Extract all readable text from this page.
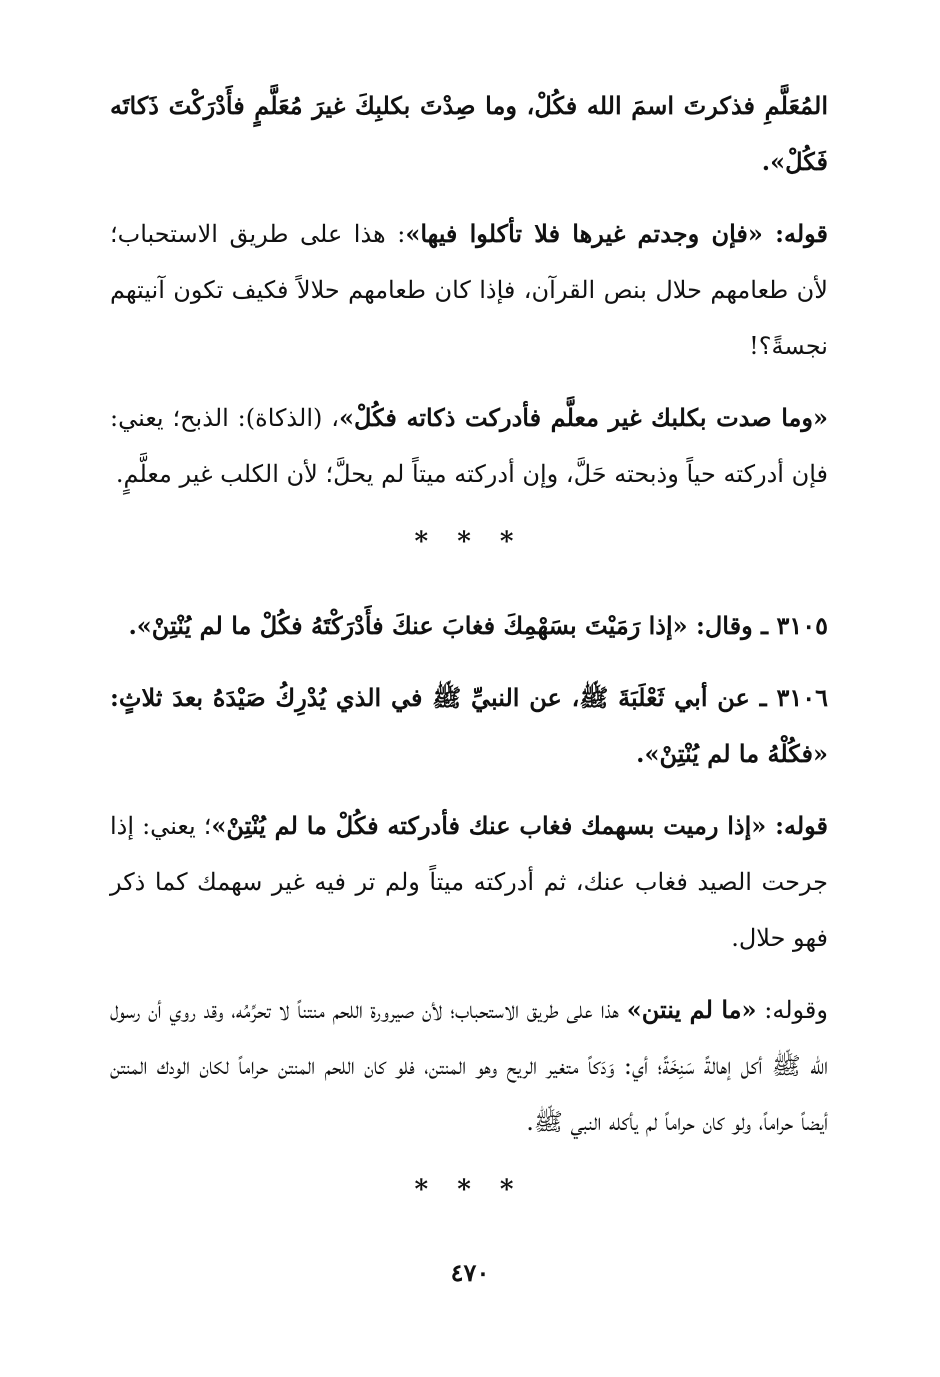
المُعَلَّمِ فذكرتَ اسمَ الله فكُلْ، وما صِدْتَ بكلبِكَ غيرَ مُعَلَّمٍ فأَدْرَكْتَ ذَكاتَه فَكُلْ».

قوله: «فإن وجدتم غيرها فلا تأكلوا فيها»: هذا على طريق الاستحباب؛ لأن طعامهم حلال بنص القرآن، فإذا كان طعامهم حلالاً فكيف تكون آنيتهم نجسةً؟!

«وما صدت بكلبك غير معلَّم فأدركت ذكاته فكُلْ»، (الذكاة): الذبح؛ يعني: فإن أدركته حياً وذبحته حَلَّ، وإن أدركته ميتاً لم يحلَّ؛ لأن الكلب غير معلَّمٍ.

* * *

٣١٠٥ ـ وقال: «إذا رَمَيْتَ بسَهْمِكَ فغابَ عنكَ فأَدْرَكْتَهُ فكُلْ ما لم يُنْتِنْ».

٣١٠٦ ـ عن أبي ثَعْلَبَةَ ﷺ، عن النبيِّ ﷺ في الذي يُدْرِكُ صَيْدَهُ بعدَ ثلاثٍ: «فكُلْهُ ما لم يُنْتِنْ».

قوله: «إذا رميت بسهمك فغاب عنك فأدركته فكُلْ ما لم يُنْتِنْ»؛ يعني: إذا جرحت الصيد فغاب عنك، ثم أدركته ميتاً ولم تر فيه غير سهمك كما ذكر فهو حلال.

وقوله: «ما لم ينتن» هذا على طريق الاستحباب؛ لأن صيرورة اللحم منتناً لا تحرِّمُه، وقد روي أن رسول الله ﷺ أكل إهالةً سَنِخَةً؛ أي: وَدَكاً متغير الريح وهو المنتن، فلو كان اللحم المنتن حراماً لكان الودك المنتن أيضاً حراماً، ولو كان حراماً لم يأكله النبي ﷺ.

* * *
٤٧٠
